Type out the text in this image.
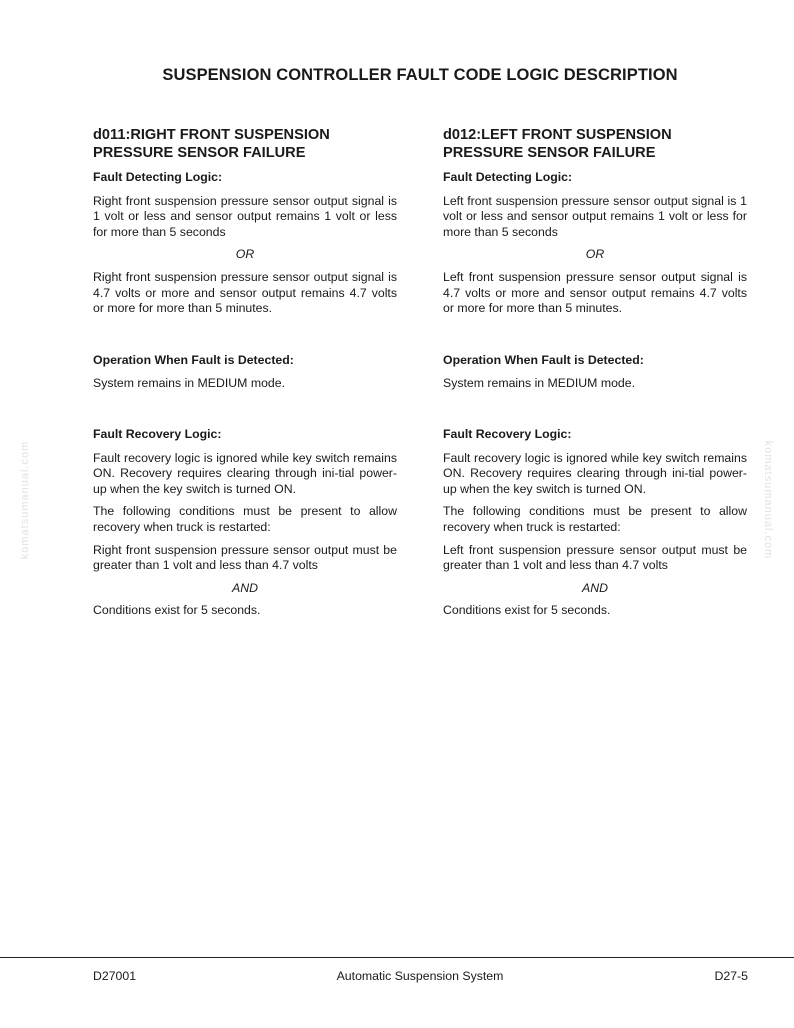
SUSPENSION CONTROLLER FAULT CODE LOGIC DESCRIPTION
d011:RIGHT FRONT SUSPENSION
PRESSURE SENSOR FAILURE
Fault Detecting Logic:
Right front suspension pressure sensor output signal is 1 volt or less and sensor output remains 1 volt or less for more than 5 seconds
OR
Right front suspension pressure sensor output signal is 4.7 volts or more and sensor output remains 4.7 volts or more for more than 5 minutes.
Operation When Fault is Detected:
System remains in MEDIUM mode.
Fault Recovery Logic:
Fault recovery logic is ignored while key switch remains ON. Recovery requires clearing through ini-tial power-up when the key switch is turned ON.
The following conditions must be present to allow recovery when truck is restarted:
Right front suspension pressure sensor output must be greater than 1 volt and less than 4.7 volts
AND
Conditions exist for 5 seconds.
d012:LEFT FRONT SUSPENSION
PRESSURE SENSOR FAILURE
Fault Detecting Logic:
Left front suspension pressure sensor output signal is 1 volt or less and sensor output remains 1 volt or less for more than 5 seconds
OR
Left front suspension pressure sensor output signal is 4.7 volts or more and sensor output remains 4.7 volts or more for more than 5 minutes.
Operation When Fault is Detected:
System remains in MEDIUM mode.
Fault Recovery Logic:
Fault recovery logic is ignored while key switch remains ON. Recovery requires clearing through ini-tial power-up when the key switch is turned ON.
The following conditions must be present to allow recovery when truck is restarted:
Left front suspension pressure sensor output must be greater than 1 volt and less than 4.7 volts
AND
Conditions exist for 5 seconds.
komatsumanual.com	komatsumanual.com
D27001	Automatic Suspension System	D27-5
